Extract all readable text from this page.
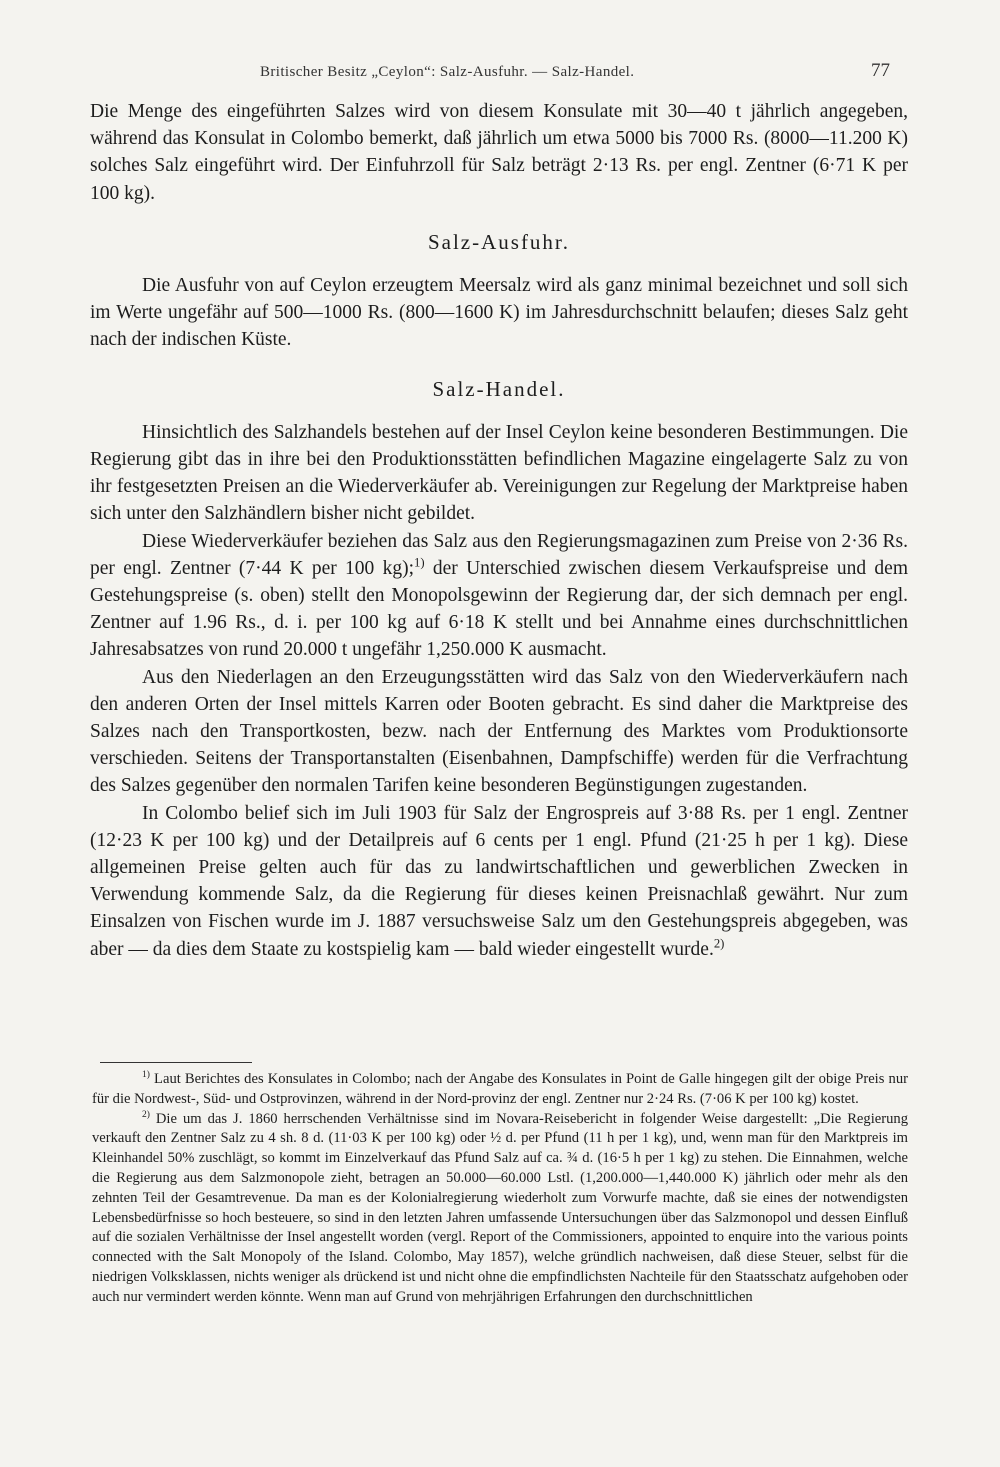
Britischer Besitz „Ceylon“: Salz-Ausfuhr. — Salz-Handel.	77

Die Menge des eingeführten Salzes wird von diesem Konsulate mit 30—40 t jährlich angegeben, während das Konsulat in Colombo bemerkt, daß jährlich um etwa 5000 bis 7000 Rs. (8000—11.200 K) solches Salz eingeführt wird. Der Einfuhrzoll für Salz beträgt 2·13 Rs. per engl. Zentner (6·71 K per 100 kg).

Salz-Ausfuhr.

Die Ausfuhr von auf Ceylon erzeugtem Meersalz wird als ganz minimal bezeichnet und soll sich im Werte ungefähr auf 500—1000 Rs. (800—1600 K) im Jahresdurchschnitt belaufen; dieses Salz geht nach der indischen Küste.

Salz-Handel.

Hinsichtlich des Salzhandels bestehen auf der Insel Ceylon keine besonderen Bestimmungen. Die Regierung gibt das in ihre bei den Produktionsstätten befindlichen Magazine eingelagerte Salz zu von ihr festgesetzten Preisen an die Wiederverkäufer ab. Vereinigungen zur Regelung der Marktpreise haben sich unter den Salzhändlern bisher nicht gebildet.

Diese Wiederverkäufer beziehen das Salz aus den Regierungsmagazinen zum Preise von 2·36 Rs. per engl. Zentner (7·44 K per 100 kg);$^{1)}$ der Unterschied zwischen diesem Verkaufspreise und dem Gestehungspreise (s. oben) stellt den Monopolsgewinn der Regierung dar, der sich demnach per engl. Zentner auf 1.96 Rs., d. i. per 100 kg auf 6·18 K stellt und bei Annahme eines durchschnittlichen Jahresabsatzes von rund 20.000 t ungefähr 1,250.000 K ausmacht.

Aus den Niederlagen an den Erzeugungsstätten wird das Salz von den Wiederverkäufern nach den anderen Orten der Insel mittels Karren oder Booten gebracht. Es sind daher die Marktpreise des Salzes nach den Transportkosten, bezw. nach der Entfernung des Marktes vom Produktionsorte verschieden. Seitens der Transportanstalten (Eisenbahnen, Dampfschiffe) werden für die Verfrachtung des Salzes gegenüber den normalen Tarifen keine besonderen Begünstigungen zugestanden.

In Colombo belief sich im Juli 1903 für Salz der Engrospreis auf 3·88 Rs. per 1 engl. Zentner (12·23 K per 100 kg) und der Detailpreis auf 6 cents per 1 engl. Pfund (21·25 h per 1 kg). Diese allgemeinen Preise gelten auch für das zu landwirtschaftlichen und gewerblichen Zwecken in Verwendung kommende Salz, da die Regierung für dieses keinen Preisnachlaß gewährt. Nur zum Einsalzen von Fischen wurde im J. 1887 versuchsweise Salz um den Gestehungspreis abgegeben, was aber — da dies dem Staate zu kostspielig kam — bald wieder eingestellt wurde.$^{2)}$

$^{1)}$ Laut Berichtes des Konsulates in Colombo; nach der Angabe des Konsulates in Point de Galle hingegen gilt der obige Preis nur für die Nordwest-, Süd- und Ostprovinzen, während in der Nord-provinz der engl. Zentner nur 2·24 Rs. (7·06 K per 100 kg) kostet.

$^{2)}$ Die um das J. 1860 herrschenden Verhältnisse sind im Novara-Reisebericht in folgender Weise dargestellt: „Die Regierung verkauft den Zentner Salz zu 4 sh. 8 d. (11·03 K per 100 kg) oder ½ d. per Pfund (11 h per 1 kg), und, wenn man für den Marktpreis im Kleinhandel 50% zuschlägt, so kommt im Einzelverkauf das Pfund Salz auf ca. ¾ d. (16·5 h per 1 kg) zu stehen. Die Einnahmen, welche die Regierung aus dem Salzmonopole zieht, betragen an 50.000—60.000 Lstl. (1,200.000—1,440.000 K) jährlich oder mehr als den zehnten Teil der Gesamtrevenue. Da man es der Kolonialregierung wiederholt zum Vorwurfe machte, daß sie eines der notwendigsten Lebensbedürfnisse so hoch besteuere, so sind in den letzten Jahren umfassende Untersuchungen über das Salzmonopol und dessen Einfluß auf die sozialen Verhältnisse der Insel angestellt worden (vergl. Report of the Commissioners, appointed to enquire into the various points connected with the Salt Monopoly of the Island. Colombo, May 1857), welche gründlich nachweisen, daß diese Steuer, selbst für die niedrigen Volksklassen, nichts weniger als drückend ist und nicht ohne die empfindlichsten Nachteile für den Staatsschatz aufgehoben oder auch nur vermindert werden könnte. Wenn man auf Grund von mehrjährigen Erfahrungen den durchschnittlichen
